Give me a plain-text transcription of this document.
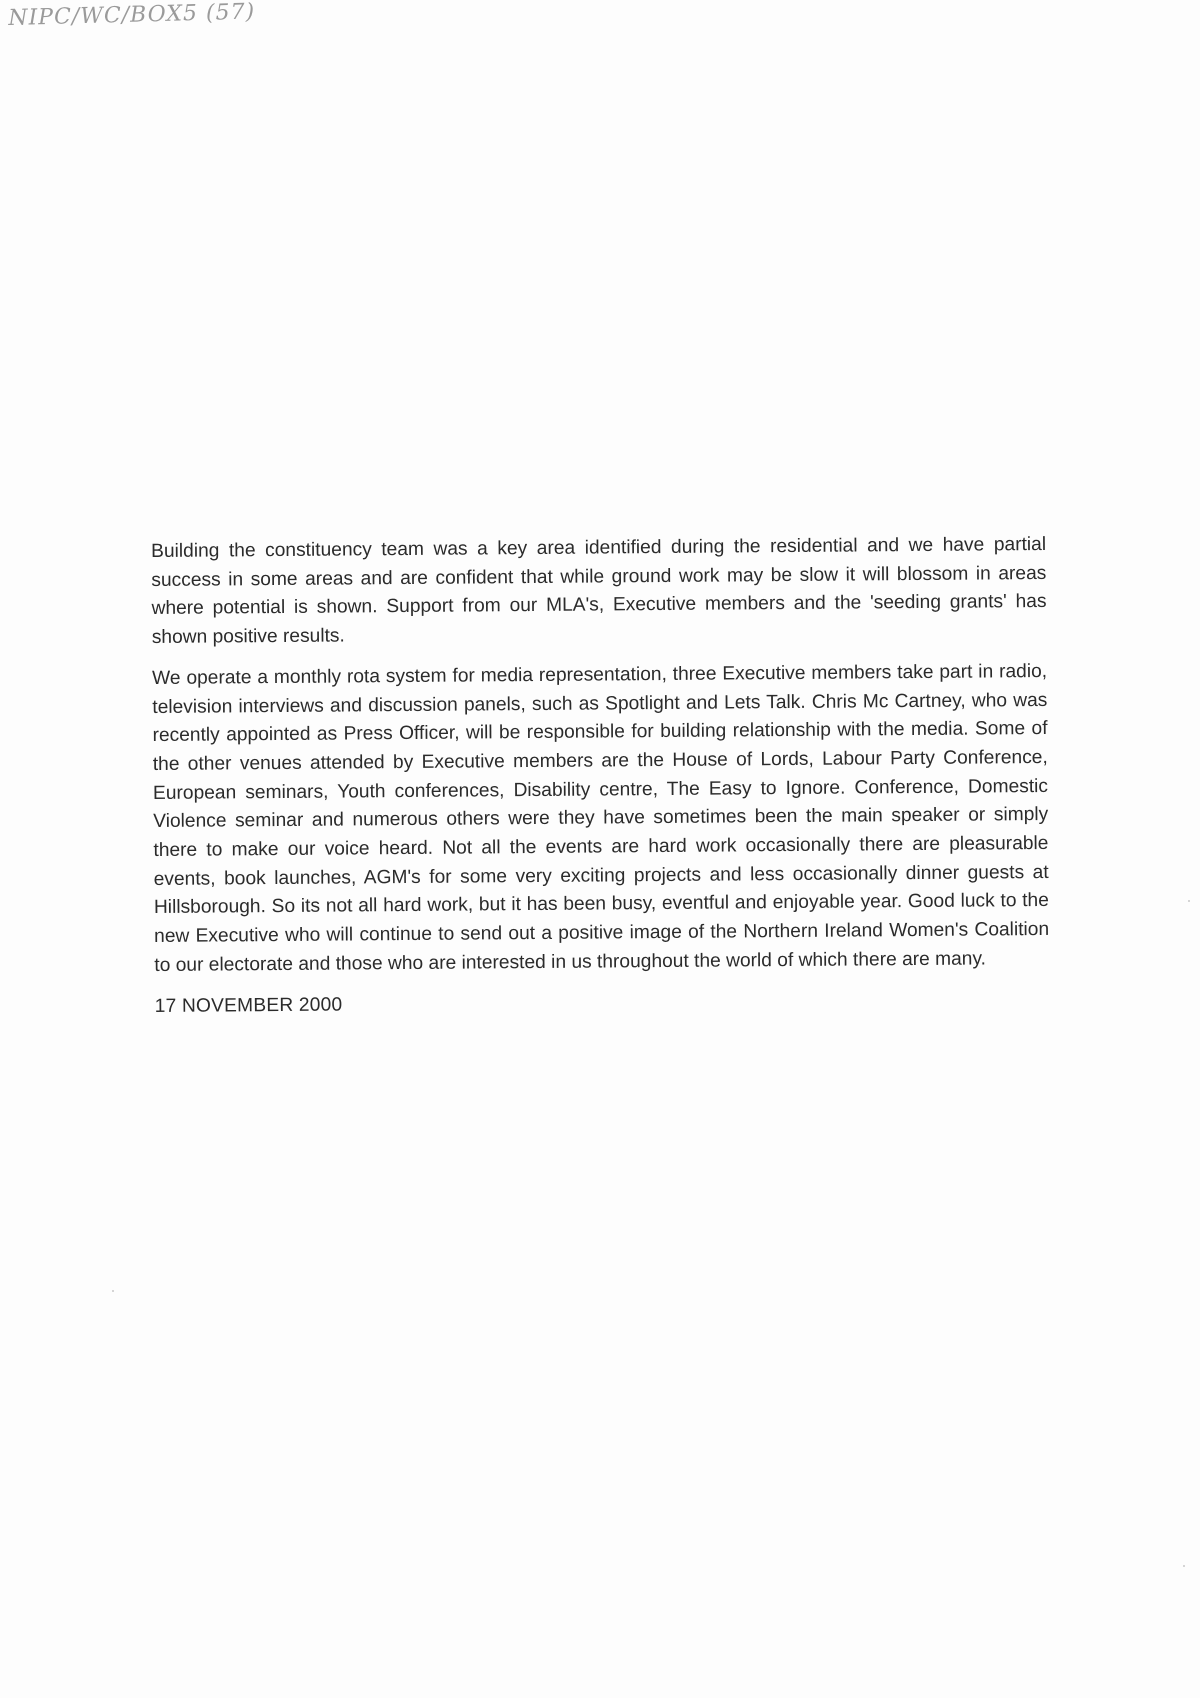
NIPC/WC/BOX5 (57)

Building the constituency team was a key area identified during the residential and we have partial success in some areas and are confident that while ground work may be slow it will blossom in areas where potential is shown. Support from our MLA's, Executive members and the 'seeding grants' has shown positive results.

We operate a monthly rota system for media representation, three Executive members take part in radio, television interviews and discussion panels, such as Spotlight and Lets Talk. Chris Mc Cartney, who was recently appointed as Press Officer, will be responsible for building relationship with the media. Some of the other venues attended by Executive members are the House of Lords, Labour Party Conference, European seminars, Youth conferences, Disability centre, The Easy to Ignore. Conference, Domestic Violence seminar and numerous others were they have sometimes been the main speaker or simply there to make our voice heard. Not all the events are hard work occasionally there are pleasurable events, book launches, AGM's for some very exciting projects and less occasionally dinner guests at Hillsborough. So its not all hard work, but it has been busy, eventful and enjoyable year. Good luck to the new Executive who will continue to send out a positive image of the Northern Ireland Women's Coalition to our electorate and those who are interested in us throughout the world of which there are many.

17 NOVEMBER 2000
